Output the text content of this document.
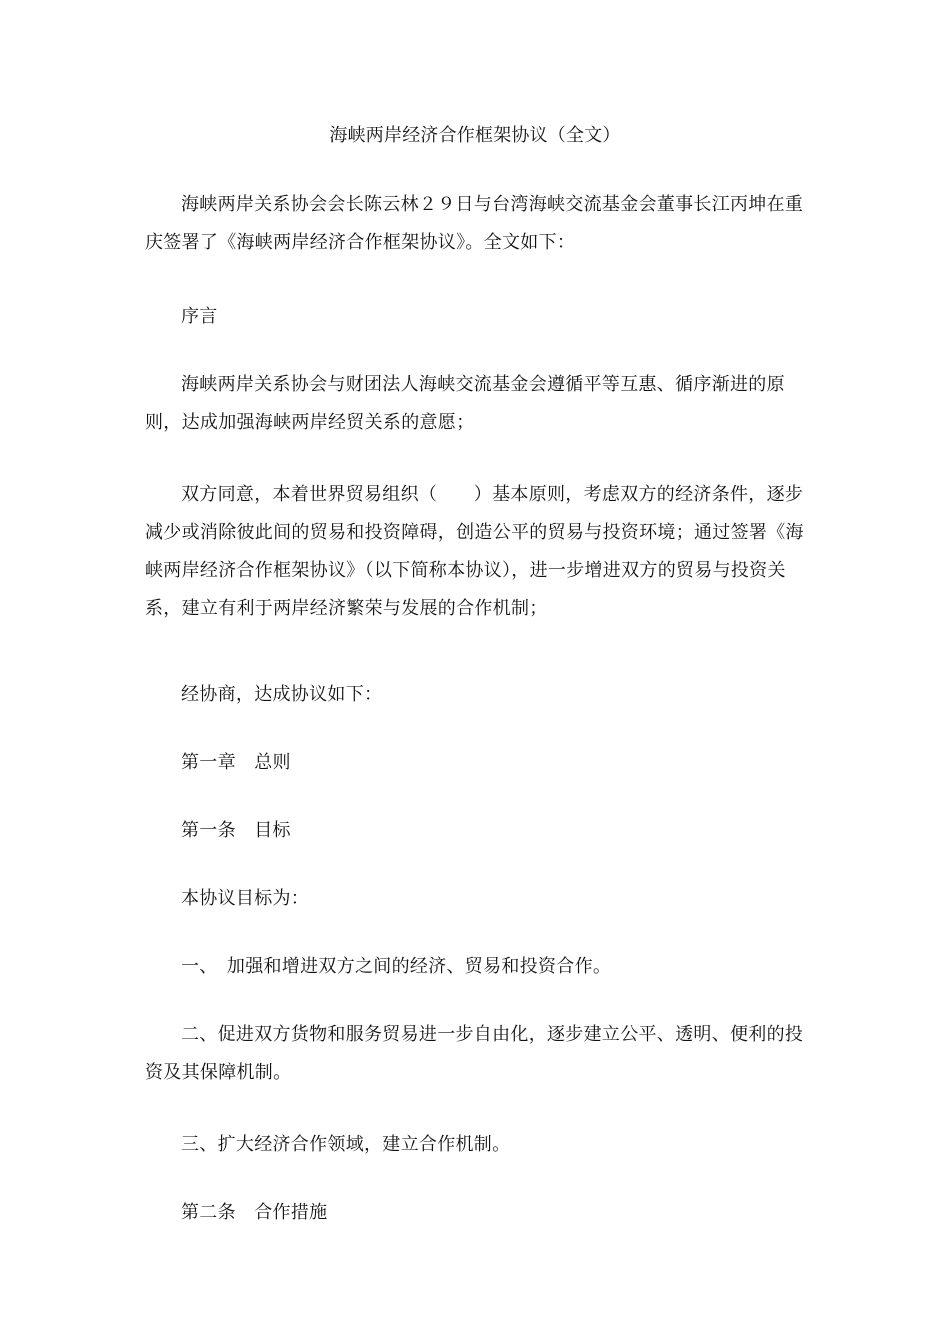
海峡两岸经济合作框架协议（全文）

海峡两岸关系协会会长陈云林２９日与台湾海峡交流基金会董事长江丙坤在重庆签署了《海峡两岸经济合作框架协议》。全文如下：

序言

海峡两岸关系协会与财团法人海峡交流基金会遵循平等互惠、循序渐进的原则，达成加强海峡两岸经贸关系的意愿；

双方同意，本着世界贸易组织（　　）基本原则，考虑双方的经济条件，逐步减少或消除彼此间的贸易和投资障碍，创造公平的贸易与投资环境；通过签署《海峡两岸经济合作框架协议》（以下简称本协议），进一步增进双方的贸易与投资关系，建立有利于两岸经济繁荣与发展的合作机制；

经协商，达成协议如下：

第一章　总则

第一条　目标

本协议目标为：

一、　加强和增进双方之间的经济、贸易和投资合作。

二、促进双方货物和服务贸易进一步自由化，逐步建立公平、透明、便利的投资及其保障机制。

三、扩大经济合作领域，建立合作机制。

第二条　合作措施
